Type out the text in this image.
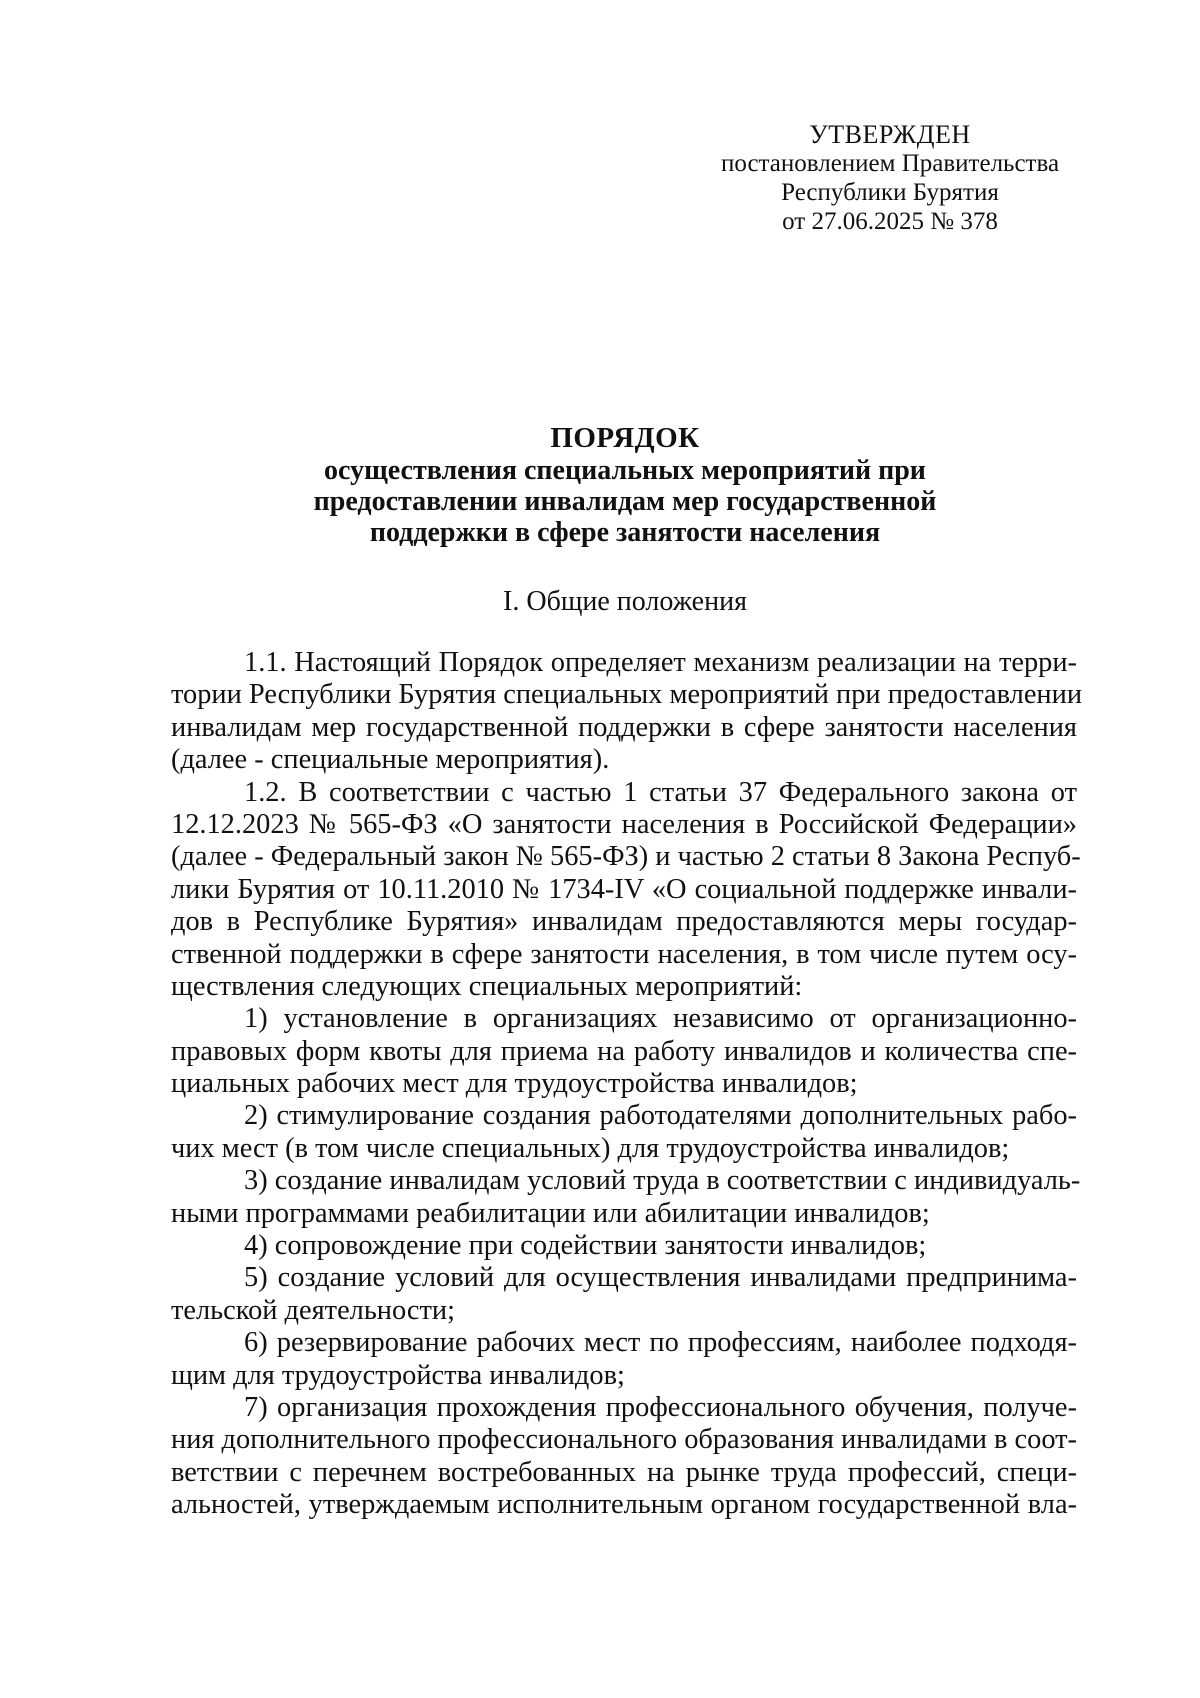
УТВЕРЖДЕН
постановлением Правительства
Республики Бурятия
от 27.06.2025 № 378
ПОРЯДОК
осуществления специальных мероприятий при
предоставлении инвалидам мер государственной
поддержки в сфере занятости населения
I. Общие положения
1.1. Настоящий Порядок определяет механизм реализации на терри-
тории Республики Бурятия специальных мероприятий при предоставлении
инвалидам мер государственной поддержки в сфере занятости населения
(далее - специальные мероприятия).
1.2. В соответствии с частью 1 статьи 37 Федерального закона от
12.12.2023 № 565-ФЗ «О занятости населения в Российской Федерации»
(далее - Федеральный закон № 565-ФЗ) и частью 2 статьи 8 Закона Респуб-
лики Бурятия от 10.11.2010 № 1734-IV «О социальной поддержке инвали-
дов в Республике Бурятия» инвалидам предоставляются меры государ-
ственной поддержки в сфере занятости населения, в том числе путем осу-
ществления следующих специальных мероприятий:
1) установление в организациях независимо от организационно-
правовых форм квоты для приема на работу инвалидов и количества спе-
циальных рабочих мест для трудоустройства инвалидов;
2) стимулирование создания работодателями дополнительных рабо-
чих мест (в том числе специальных) для трудоустройства инвалидов;
3) создание инвалидам условий труда в соответствии с индивидуаль-
ными программами реабилитации или абилитации инвалидов;
4) сопровождение при содействии занятости инвалидов;
5) создание условий для осуществления инвалидами предпринима-
тельской деятельности;
6) резервирование рабочих мест по профессиям, наиболее подходя-
щим для трудоустройства инвалидов;
7) организация прохождения профессионального обучения, получе-
ния дополнительного профессионального образования инвалидами в соот-
ветствии с перечнем востребованных на рынке труда профессий, специ-
альностей, утверждаемым исполнительным органом государственной вла-
